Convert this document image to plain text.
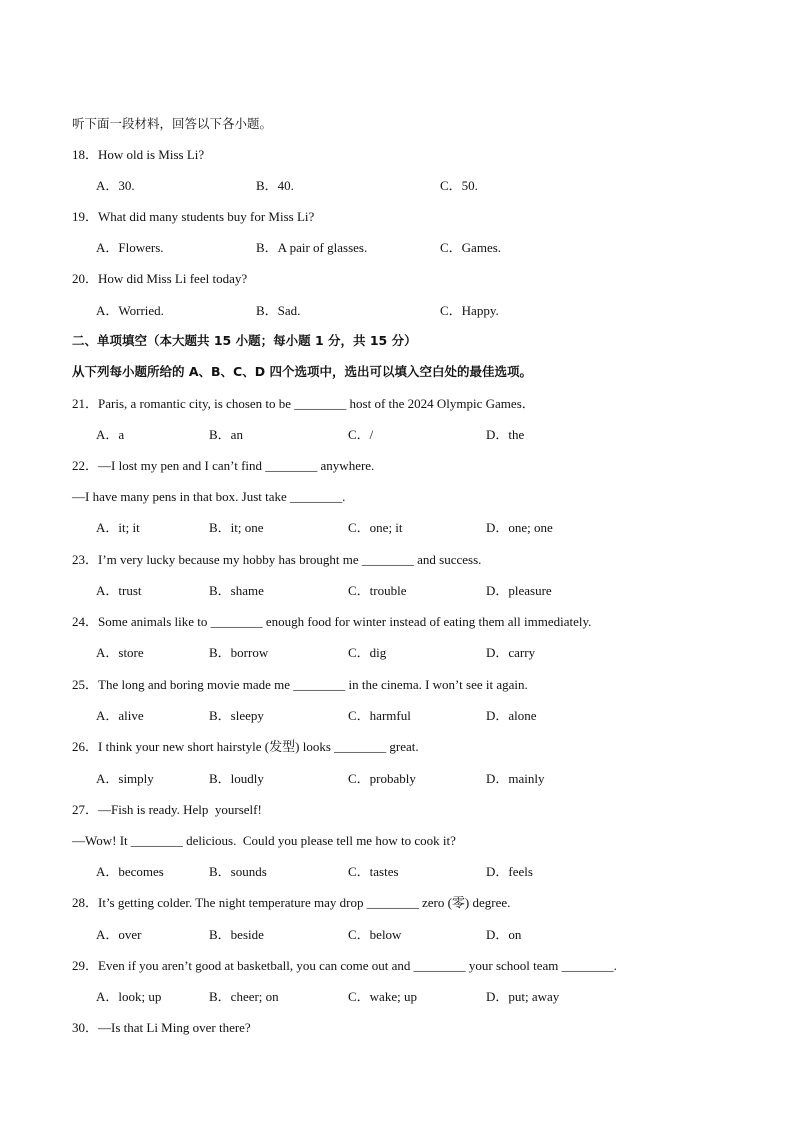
听下面一段材料，回答以下各小题。
18．How old is Miss Li?
A．30.	B．40.	C．50.
19．What did many students buy for Miss Li?
A．Flowers.	B．A pair of glasses.	C．Games.
20．How did Miss Li feel today?
A．Worried.	B．Sad.	C．Happy.
二、单项填空（本大题共 15 小题；每小题 1 分，共 15 分）
从下列每小题所给的 A、B、C、D 四个选项中，选出可以填入空白处的最佳选项。
21．Paris, a romantic city, is chosen to be ________ host of the 2024 Olympic Games．
A．a	B．an	C．/	D．the
22．—I lost my pen and I can’t find ________ anywhere.
—I have many pens in that box. Just take ________.
A．it; it	B．it; one	C．one; it	D．one; one
23．I’m very lucky because my hobby has brought me ________ and success.
A．trust	B．shame	C．trouble	D．pleasure
24．Some animals like to ________ enough food for winter instead of eating them all immediately.
A．store	B．borrow	C．dig	D．carry
25．The long and boring movie made me ________ in the cinema. I won’t see it again.
A．alive	B．sleepy	C．harmful	D．alone
26．I think your new short hairstyle (发型) looks ________ great.
A．simply	B．loudly	C．probably	D．mainly
27．—Fish is ready. Help  yourself!
—Wow! It ________ delicious.  Could you please tell me how to cook it?
A．becomes	B．sounds	C．tastes	D．feels
28．It’s getting colder. The night temperature may drop ________ zero (零) degree.
A．over	B．beside	C．below	D．on
29．Even if you aren’t good at basketball, you can come out and ________ your school team ________.
A．look; up	B．cheer; on	C．wake; up	D．put; away
30．—Is that Li Ming over there?
